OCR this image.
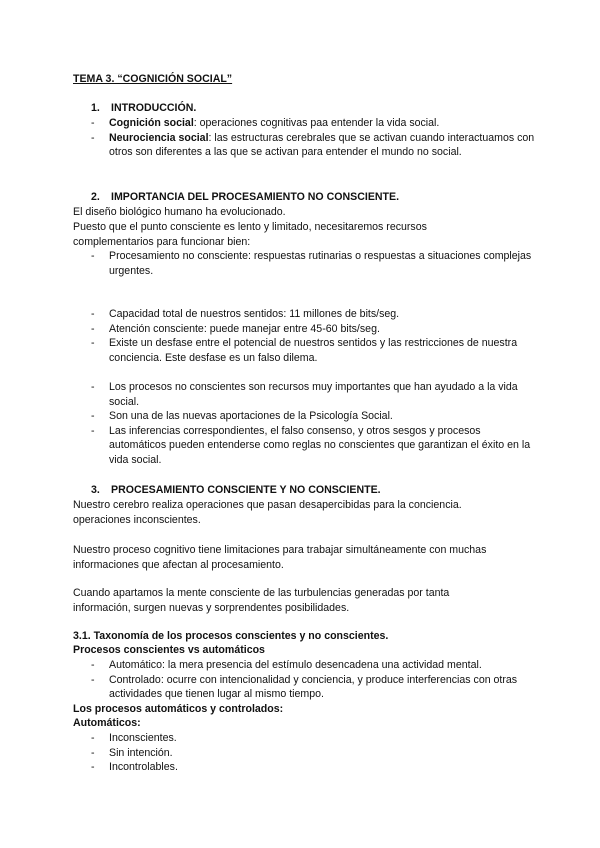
TEMA 3. “COGNICIÓN SOCIAL”
1. INTRODUCCIÓN.
- Cognición social: operaciones cognitivas paa entender la vida social.
- Neurociencia social: las estructuras cerebrales que se activan cuando interactuamos con otros son diferentes a las que se activan para entender el mundo no social.
2. IMPORTANCIA DEL PROCESAMIENTO NO CONSCIENTE.
El diseño biológico humano ha evolucionado.
Puesto que el punto consciente es lento y limitado, necesitaremos recursos complementarios para funcionar bien:
- Procesamiento no consciente: respuestas rutinarias o respuestas a situaciones complejas urgentes.
- Capacidad total de nuestros sentidos: 11 millones de bits/seg.
- Atención consciente: puede manejar entre 45-60 bits/seg.
- Existe un desfase entre el potencial de nuestros sentidos y las restricciones de nuestra conciencia. Este desfase es un falso dilema.
- Los procesos no conscientes son recursos muy importantes que han ayudado a la vida social.
- Son una de las nuevas aportaciones de la Psicología Social.
- Las inferencias correspondientes, el falso consenso, y otros sesgos y procesos automáticos pueden entenderse como reglas no conscientes que garantizan el éxito en la vida social.
3. PROCESAMIENTO CONSCIENTE Y NO CONSCIENTE.
Nuestro cerebro realiza operaciones que pasan desapercibidas para la conciencia. operaciones inconscientes.
Nuestro proceso cognitivo tiene limitaciones para trabajar simultáneamente con muchas informaciones que afectan al procesamiento.
Cuando apartamos la mente consciente de las turbulencias generadas por tanta información, surgen nuevas y sorprendentes posibilidades.
3.1. Taxonomía de los procesos conscientes y no conscientes.
Procesos conscientes vs automáticos
- Automático: la mera presencia del estímulo desencadena una actividad mental.
- Controlado: ocurre con intencionalidad y conciencia, y produce interferencias con otras actividades que tienen lugar al mismo tiempo.
Los procesos automáticos y controlados:
Automáticos:
- Inconscientes.
- Sin intención.
- Incontrolables.
